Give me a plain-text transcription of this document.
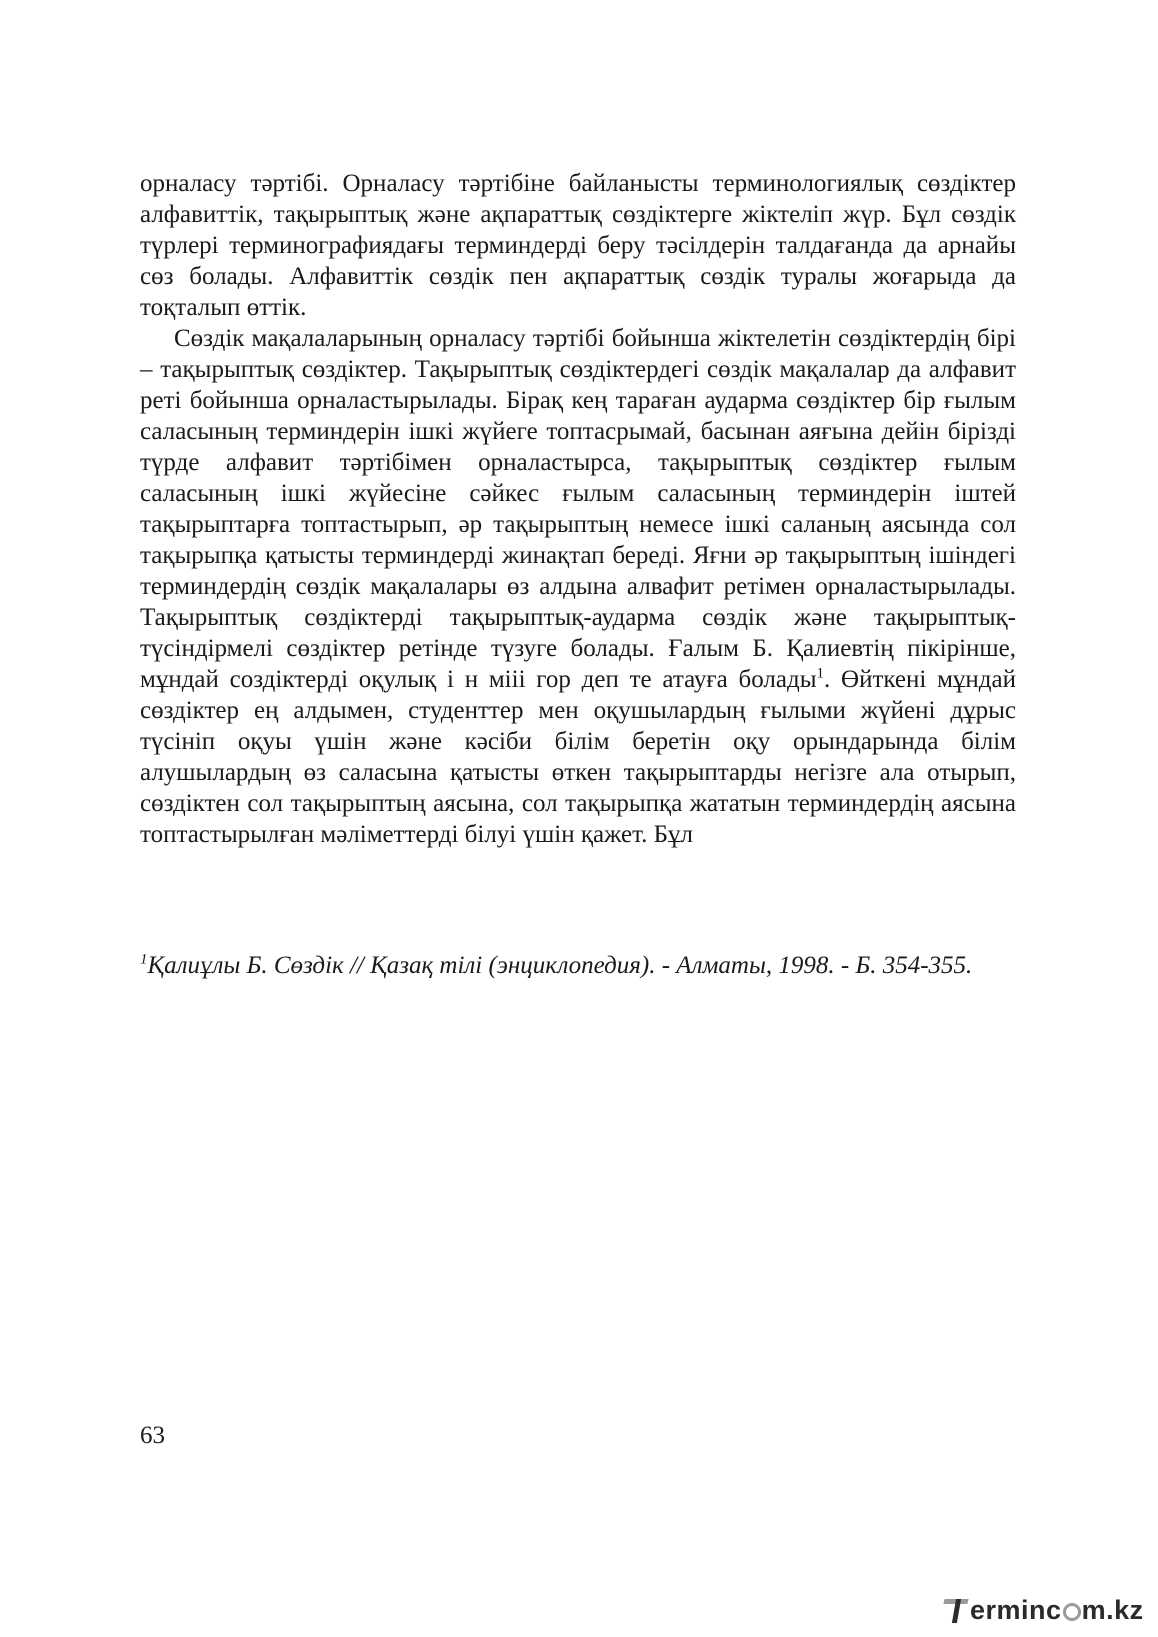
орналасу тәртібі. Орналасу тәртібіне байланысты терминологиялық сөздіктер алфавиттік, тақырыптық және ақпараттық сөздіктерге жіктеліп жүр. Бұл сөздік түрлері терминографиядағы терминдерді беру тәсілдерін талдағанда да арнайы сөз болады. Алфавиттік сөздік пен ақпараттық сөздік туралы жоғарыда да тоқталып өттік.

Сөздік мақалаларының орналасу тәртібі бойынша жіктелетін сөздіктердің бірі – тақырыптық сөздіктер. Тақырыптық сөздіктердегі сөздік мақалалар да алфавит реті бойынша орналастырылады. Бірақ кең тараған аударма сөздіктер бір ғылым саласының терминдерін ішкі жүйеге топтасрымай, басынан аяғына дейін бірізді түрде алфавит тәртібімен орналастырса, тақырыптық сөздіктер ғылым саласының ішкі жүйесіне сәйкес ғылым саласының терминдерін іштей тақырыптарға топтастырып, әр тақырыптың немесе ішкі саланың аясында сол тақырыпқа қатысты терминдерді жинақтап береді. Яғни әр тақырыптың ішіндегі терминдердің сөздік мақалалары өз алдына алвафит ретімен орналастырылады. Тақырыптық сөздіктерді тақырыптық-аударма сөздік және тақырыптық-түсіндірмелі сөздіктер ретінде түзуге болады. Ғалым Б. Қалиевтің пікірінше, мұндай создіктерді оқулық і н мііі гор деп те атауға болады$^1$. Өйткені мұндай сөздіктер ең алдымен, студенттер мен оқушылардың ғылыми жүйені дұрыс түсініп оқуы үшін және кәсіби білім беретін оқу орындарында білім алушылардың өз саласына қатысты өткен тақырыптарды негізге ала отырып, сөздіктен сол тақырыптың аясына, сол тақырыпқа жататын терминдердің аясына топтастырылған мәліметтерді білуі үшін қажет. Бұл

$^1$Қалиұлы Б. Сөздік // Қазақ тілі (энциклопедия). - Алматы, 1998. - Б. 354-355.
63
ermin c m.kz
